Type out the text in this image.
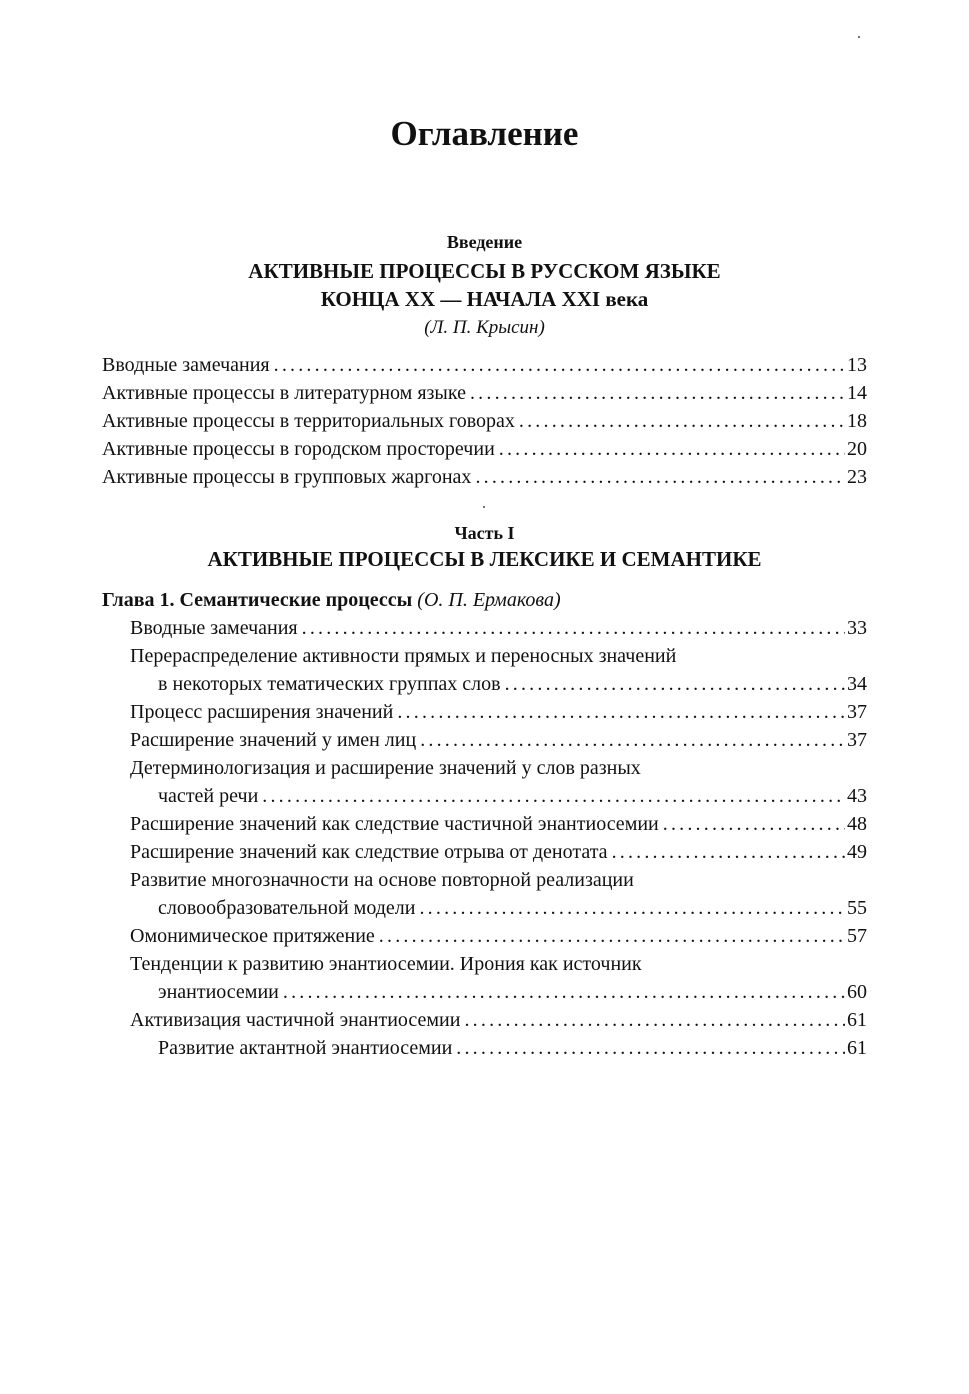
Оглавление
Введение
АКТИВНЫЕ ПРОЦЕССЫ В РУССКОМ ЯЗЫКЕ
КОНЦА XX — НАЧАЛА XXI века
(Л. П. Крысин)
Вводные замечания .....	13
Активные процессы в литературном языке .....	14
Активные процессы в территориальных говорах .....	18
Активные процессы в городском просторечии .....	20
Активные процессы в групповых жаргонах .....	23
Часть I
АКТИВНЫЕ ПРОЦЕССЫ В ЛЕКСИКЕ И СЕМАНТИКЕ
Глава 1. Семантические процессы (О. П. Ермакова)
Вводные замечания .....	33
Перераспределение активности прямых и переносных значений
в некоторых тематических группах слов .....	34
Процесс расширения значений .....	37
Расширение значений у имен лиц .....	37
Детерминологизация и расширение значений у слов разных
частей речи .....	43
Расширение значений как следствие частичной энантиосемии .....	48
Расширение значений как следствие отрыва от денотата .....	49
Развитие многозначности на основе повторной реализации
словообразовательной модели .....	55
Омонимическое притяжение .....	57
Тенденции к развитию энантиосемии. Ирония как источник
энантиосемии .....	60
Активизация частичной энантиосемии .....	61
Развитие актантной энантиосемии .....	61
